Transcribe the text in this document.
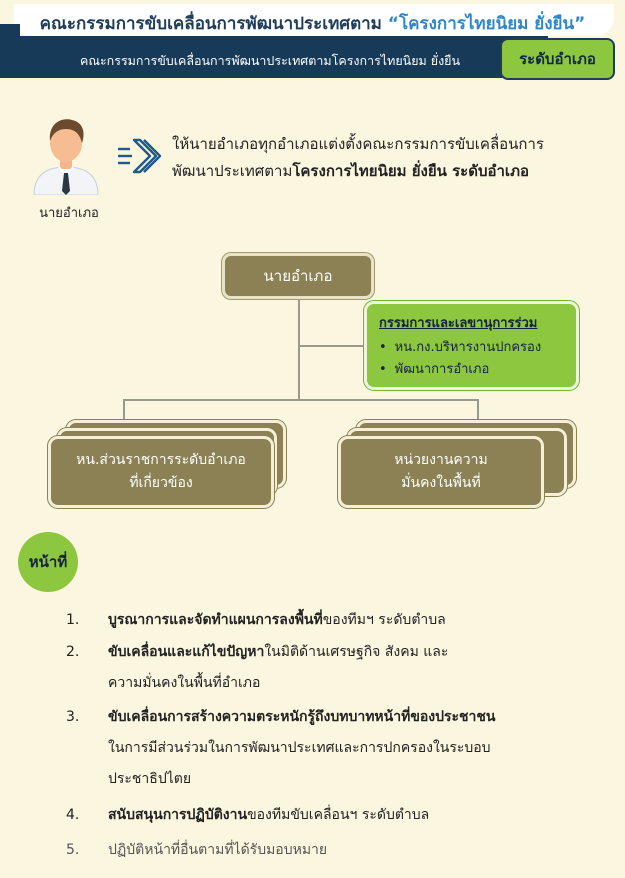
คณะกรรมการขับเคลื่อนการพัฒนาประเทศตาม “โครงการไทยนิยม ยั่งยืน”
คณะกรรมการขับเคลื่อนการพัฒนาประเทศตามโครงการไทยนิยม ยั่งยืน	ระดับอำเภอ
นายอำเภอ
ให้นายอำเภอทุกอำเภอแต่งตั้งคณะกรรมการขับเคลื่อนการ
พัฒนาประเทศตามโครงการไทยนิยม ยั่งยืน ระดับอำเภอ
นายอำเภอ
กรรมการและเลขานุการร่วม
• หน.กง.บริหารงานปกครอง
• พัฒนาการอำเภอ
หน.ส่วนราชการระดับอำเภอ
ที่เกี่ยวข้อง
หน่วยงานความ
มั่นคงในพื้นที่
หน้าที่
1.	บูรณาการและจัดทำแผนการลงพื้นที่ของทีมฯ ระดับตำบล
2.	ขับเคลื่อนและแก้ไขปัญหาในมิติด้านเศรษฐกิจ สังคม และ
ความมั่นคงในพื้นที่อำเภอ
3.	ขับเคลื่อนการสร้างความตระหนักรู้ถึงบทบาทหน้าที่ของประชาชน
ในการมีส่วนร่วมในการพัฒนาประเทศและการปกครองในระบอบ
ประชาธิปไตย
4.	สนับสนุนการปฏิบัติงานของทีมขับเคลื่อนฯ ระดับตำบล
5.	ปฏิบัติหน้าที่อื่นตามที่ได้รับมอบหมาย
